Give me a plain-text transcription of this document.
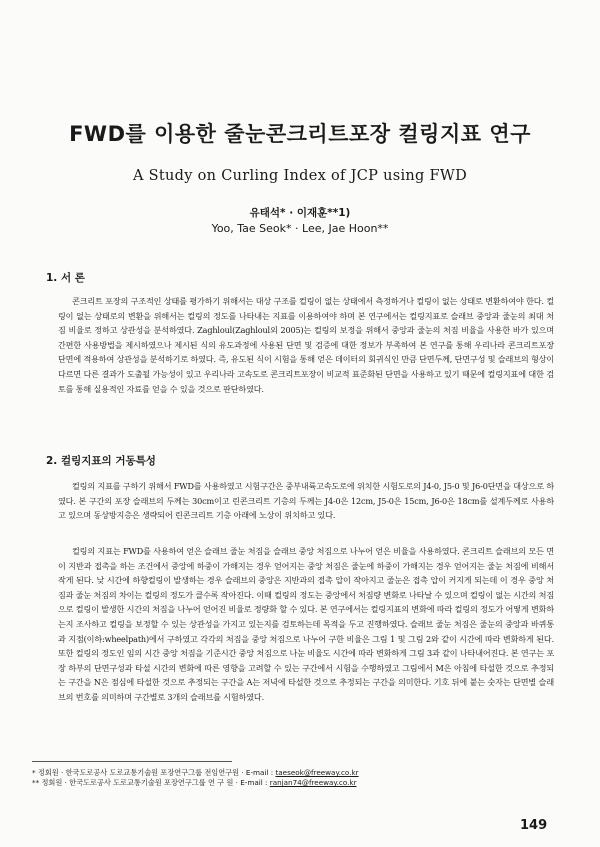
FWD를 이용한 줄눈콘크리트포장 컬링지표 연구
A Study on Curling Index of JCP using FWD
유태석* · 이재훈**1)
Yoo, Tae Seok* · Lee, Jae Hoon**
1. 서 론

콘크리트 포장의 구조적인 상태를 평가하기 위해서는 대상 구조를 컬링이 없는 상태에서 측정하거나 컬링이 없는 상태로 변환하여야 한다. 컬링이 없는 상태로의 변환을 위해서는 컬링의 정도를 나타내는 지표를 이용하여야 하며 본 연구에서는 컬링지표로 슬래브 중앙과 줄눈의 최대 처짐 비율로 정하고 상관성을 분석하였다. Zaghloul(Zaghloul외 2005)는 컬링의 보정을 위해서 중앙과 줄눈의 처짐 비율을 사용한 바가 있으며 간편한 사용방법을 제시하였으나 제시된 식의 유도과정에 사용된 단면 및 검증에 대한 정보가 부족하여 본 연구를 통해 우리나라 콘크리트포장 단면에 적용하여 상관성을 분석하기로 하였다. 즉, 유도된 식이 시험을 통해 얻은 데이터의 회귀식인 만큼 단면두께, 단면구성 및 슬래브의 형상이 다르면 다른 결과가 도출될 가능성이 있고 우리나라 고속도로 콘크리트포장이 비교적 표준화된 단면을 사용하고 있기 때문에 컬링지표에 대한 검토를 통해 실용적인 자료를 얻을 수 있을 것으로 판단하였다.

2. 컬링지표의 거동특성

컬링의 지표를 구하기 위해서 FWD를 사용하였고 시험구간은 중부내륙고속도로에 위치한 시험도로의 J4-0, J5-0 및 J6-0단면을 대상으로 하였다. 본 구간의 포장 슬래브의 두께는 30cm이고 린콘크리트 기층의 두께는 J4-0은 12cm, J5-0은 15cm, J6-0은 18cm를 설계두께로 사용하고 있으며 동상방지층은 생략되어 린콘크리트 기층 아래에 노상이 위치하고 있다.

컬링의 지표는 FWD를 사용하여 얻은 슬래브 줄눈 처짐을 슬래브 중앙 처짐으로 나누어 얻은 비율을 사용하였다. 콘크리트 슬래브의 모든 면이 지반과 접촉을 하는 조건에서 중앙에 하중이 가해지는 경우 얻어지는 중앙 처짐은 줄눈에 하중이 가해지는 경우 얻어지는 줄눈 처짐에 비해서 작게 된다. 낮 시간에 하향컬링이 발생하는 경우 슬래브의 중앙은 지반과의 접촉 압이 작아지고 줄눈은 접촉 압이 커지게 되는데 이 경우 중앙 처짐과 줄눈 처짐의 차이는 컬링의 정도가 클수록 작아진다. 이때 컬링의 정도는 중앙에서 처짐량 변화로 나타날 수 있으며 컬링이 없는 시간의 처짐으로 컬링이 발생한 시간의 처짐을 나누어 얻어진 비율로 정량화 할 수 있다. 본 연구에서는 컬링지표의 변화에 따라 컬링의 정도가 어떻게 변화하는지 조사하고 컬링을 보정할 수 있는 상관성을 가지고 있는지를 검토하는데 목적을 두고 진행하였다. 슬래브 줄눈 처짐은 줄눈의 중앙과 바퀴통과 지점(이하:wheelpath)에서 구하였고 각각의 처짐을 중앙 처짐으로 나누어 구한 비율은 그림 1 및 그림 2와 같이 시간에 따라 변화하게 된다. 또한 컬링의 정도인 임의 시간 중앙 처짐을 기준시간 중앙 처짐으로 나눈 비율도 시간에 따라 변화하게 그림 3과 같이 나타내어진다. 본 연구는 포장 하부의 단면구성과 타설 시간의 변화에 따른 영향을 고려할 수 있는 구간에서 시험을 수행하였고 그림에서 M은 아침에 타설한 것으로 추정되는 구간을 N은 점심에 타설한 것으로 추정되는 구간을 A는 저녁에 타설한 것으로 추정되는 구간을 의미한다. 기호 뒤에 붙는 숫자는 단면별 슬래브의 번호를 의미하며 구간별로 3개의 슬래브를 시험하였다.

* 정회원 · 한국도로공사 도로교통기술원 포장연구그룹 전임연구원 · E-mail : taeseok@freeway.co.kr
** 정회원 · 한국도로공사 도로교통기술원 포장연구그룹 연 구 원 · E-mail : ranjan74@freeway.co.kr
149
